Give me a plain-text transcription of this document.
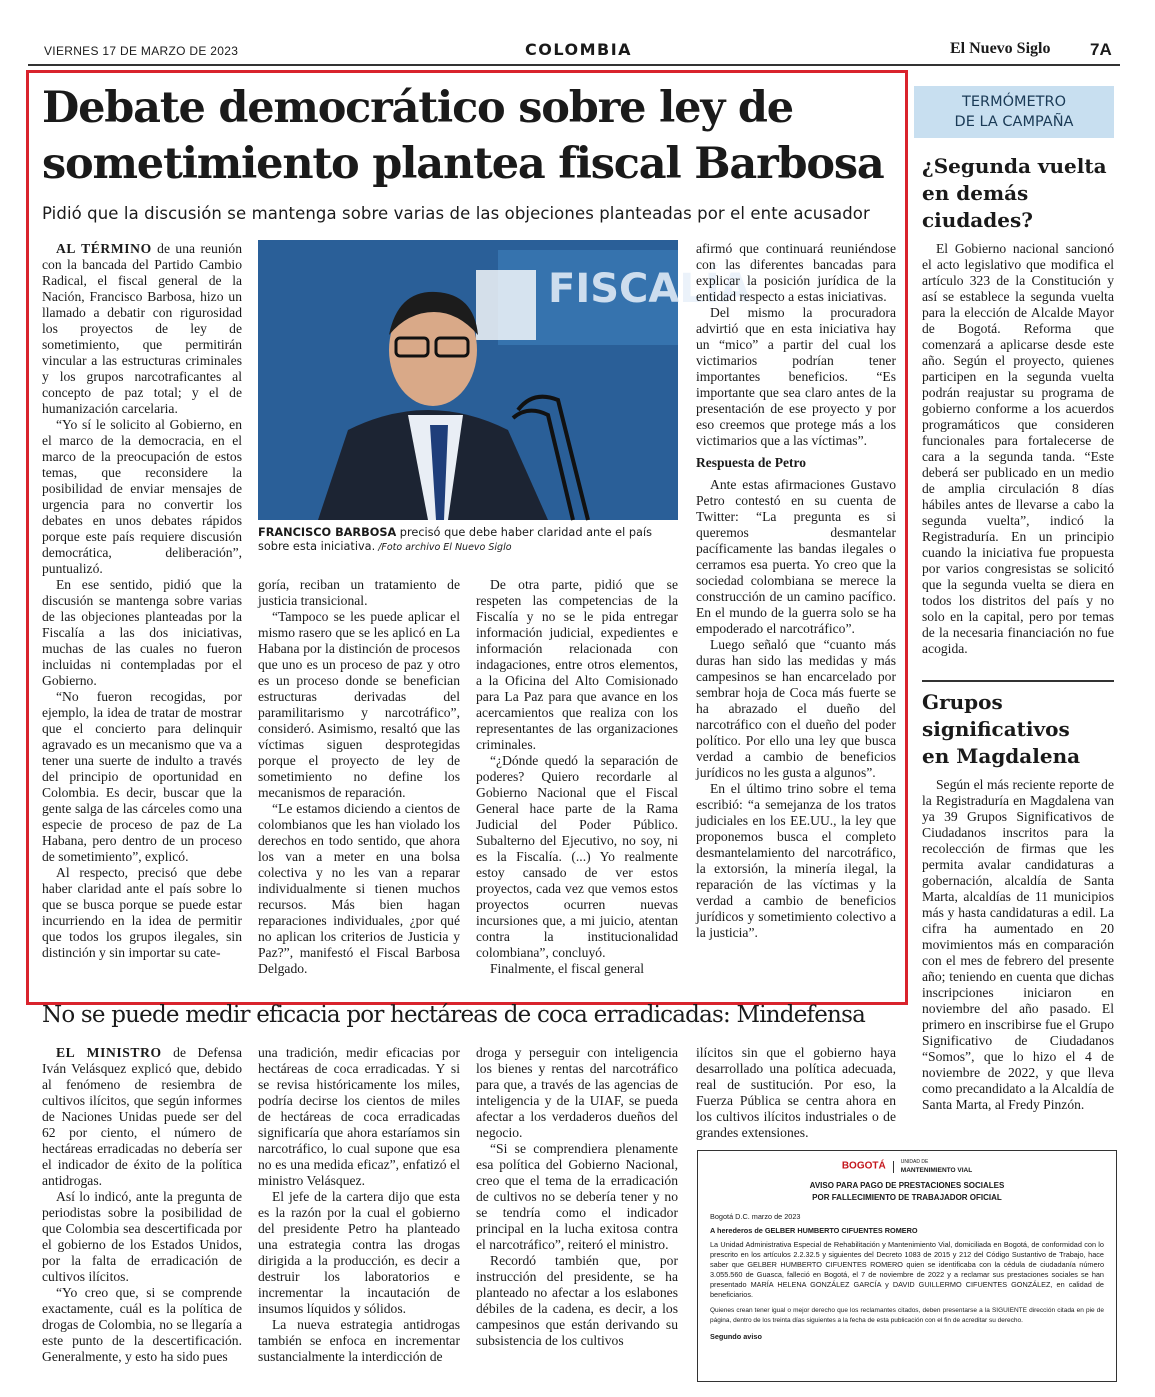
VIERNES 17 DE MARZO DE 2023	COLOMBIA	El Nuevo Siglo 7A
Debate democrático sobre ley de
sometimiento plantea fiscal Barbosa
Pidió que la discusión se mantenga sobre varias de las objeciones planteadas por el ente acusador

AL TÉRMINO de una reunión con la bancada del Partido Cambio Radical, el fiscal general de la Nación, Francisco Barbosa, hizo un llamado a debatir con rigurosidad los proyectos de ley de sometimiento, que permitirán vincular a las estructuras criminales y los grupos narcotraficantes al concepto de paz total; y el de humanización carcelaria.

“Yo sí le solicito al Gobierno, en el marco de la democracia, en el marco de la preocupación de estos temas, que reconsidere la posibilidad de enviar mensajes de urgencia para no convertir los debates en unos debates rápidos porque este país requiere discusión democrática, deliberación”, puntualizó.

En ese sentido, pidió que la discusión se mantenga sobre varias de las objeciones planteadas por la Fiscalía a las dos iniciativas, muchas de las cuales no fueron incluidas ni contempladas por el Gobierno.

“No fueron recogidas, por ejemplo, la idea de tratar de mostrar que el concierto para delinquir agravado es un mecanismo que va a tener una suerte de indulto a través del principio de oportunidad en Colombia. Es decir, buscar que la gente salga de las cárceles como una especie de proceso de paz de La Habana, pero dentro de un proceso de sometimiento”, explicó.

Al respecto, precisó que debe haber claridad ante el país sobre lo que se busca porque se puede estar incurriendo en la idea de permitir que todos los grupos ilegales, sin distinción y sin importar su cate-

FISCALÍA
FRANCISCO BARBOSA precisó que debe haber claridad ante el país sobre esta iniciativa. /Foto archivo El Nuevo Siglo

goría, reciban un tratamiento de justicia transicional.

“Tampoco se les puede aplicar el mismo rasero que se les aplicó en La Habana por la distinción de procesos que uno es un proceso de paz y otro es un proceso donde se benefician estructuras derivadas del paramilitarismo y narcotráfico”, consideró. Asimismo, resaltó que las víctimas siguen desprotegidas porque el proyecto de ley de sometimiento no define los mecanismos de reparación.

“Le estamos diciendo a cientos de colombianos que les han violado los derechos en todo sentido, que ahora los van a meter en una bolsa colectiva y no les van a reparar individualmente si tienen muchos recursos. Más bien hagan reparaciones individuales, ¿por qué no aplican los criterios de Justicia y Paz?”, manifestó el Fiscal Barbosa Delgado.

De otra parte, pidió que se respeten las competencias de la Fiscalía y no se le pida entregar información judicial, expedientes e información relacionada con indagaciones, entre otros elementos, a la Oficina del Alto Comisionado para La Paz para que avance en los acercamientos que realiza con los representantes de las organizaciones criminales.

“¿Dónde quedó la separación de poderes? Quiero recordarle al Gobierno Nacional que el Fiscal General hace parte de la Rama Judicial del Poder Público. Subalterno del Ejecutivo, no soy, ni es la Fiscalía. (...) Yo realmente estoy cansado de ver estos proyectos, cada vez que vemos estos proyectos ocurren nuevas incursiones que, a mi juicio, atentan contra la institucionalidad colombiana”, concluyó.

Finalmente, el fiscal general

afirmó que continuará reuniéndose con las diferentes bancadas para explicar la posición jurídica de la entidad respecto a estas iniciativas.

Del mismo la procuradora advirtió que en esta iniciativa hay un “mico” a partir del cual los victimarios podrían tener importantes beneficios. “Es importante que sea claro antes de la presentación de ese proyecto y por eso creemos que protege más a los victimarios que a las víctimas”.

Respuesta de Petro

Ante estas afirmaciones Gustavo Petro contestó en su cuenta de Twitter: “La pregunta es si queremos desmantelar pacíficamente las bandas ilegales o cerramos esa puerta. Yo creo que la sociedad colombiana se merece la construcción de un camino pacífico. En el mundo de la guerra solo se ha empoderado el narcotráfico”.

Luego señaló que “cuanto más duras han sido las medidas y más campesinos se han encarcelado por sembrar hoja de Coca más fuerte se ha abrazado el dueño del narcotráfico con el dueño del poder político. Por ello una ley que busca verdad a cambio de beneficios jurídicos no les gusta a algunos”.

En el último trino sobre el tema escribió: “a semejanza de los tratos judiciales en los EE.UU., la ley que proponemos busca el completo desmantelamiento del narcotráfico, la extorsión, la minería ilegal, la reparación de las víctimas y la verdad a cambio de beneficios jurídicos y sometimiento colectivo a la justicia”.

TERMÓMETRO
DE LA CAMPAÑA
¿Segunda vuelta en demás ciudades?

El Gobierno nacional sancionó el acto legislativo que modifica el artículo 323 de la Constitución y así se establece la segunda vuelta para la elección de Alcalde Mayor de Bogotá. Reforma que comenzará a aplicarse desde este año. Según el proyecto, quienes participen en la segunda vuelta podrán reajustar su programa de gobierno conforme a los acuerdos programáticos que consideren funcionales para fortalecerse de cara a la segunda tanda. “Este deberá ser publicado en un medio de amplia circulación 8 días hábiles antes de llevarse a cabo la segunda vuelta”, indicó la Registraduría. En un principio cuando la iniciativa fue propuesta por varios congresistas se solicitó que la segunda vuelta se diera en todos los distritos del país y no solo en la capital, pero por temas de la necesaria financiación no fue acogida.

Grupos significativos en Magdalena

Según el más reciente reporte de la Registraduría en Magdalena van ya 39 Grupos Significativos de Ciudadanos inscritos para la recolección de firmas que les permita avalar candidaturas a gobernación, alcaldía de Santa Marta, alcaldías de 11 municipios más y hasta candidaturas a edil. La cifra ha aumentado en 20 movimientos más en comparación con el mes de febrero del presente año; teniendo en cuenta que dichas inscripciones iniciaron en noviembre del año pasado. El primero en inscribirse fue el Grupo Significativo de Ciudadanos “Somos”, que lo hizo el 4 de noviembre de 2022, y que lleva como precandidato a la Alcaldía de Santa Marta, al Fredy Pinzón.

No se puede medir eficacia por hectáreas de coca erradicadas: Mindefensa

EL MINISTRO de Defensa Iván Velásquez explicó que, debido al fenómeno de resiembra de cultivos ilícitos, que según informes de Naciones Unidas puede ser del 62 por ciento, el número de hectáreas erradicadas no debería ser el indicador de éxito de la política antidrogas.

Así lo indicó, ante la pregunta de periodistas sobre la posibilidad de que Colombia sea descertificada por el gobierno de los Estados Unidos, por la falta de erradicación de cultivos ilícitos.

“Yo creo que, si se comprende exactamente, cuál es la política de drogas de Colombia, no se llegaría a este punto de la descertificación. Generalmente, y esto ha sido pues

una tradición, medir eficacias por hectáreas de coca erradicadas. Y si se revisa históricamente los miles, podría decirse los cientos de miles de hectáreas de coca erradicadas significaría que ahora estaríamos sin narcotráfico, lo cual supone que esa no es una medida eficaz”, enfatizó el ministro Velásquez.

El jefe de la cartera dijo que esta es la razón por la cual el gobierno del presidente Petro ha planteado una estrategia contra las drogas dirigida a la producción, es decir a destruir los laboratorios e incrementar la incautación de insumos líquidos y sólidos.

La nueva estrategia antidrogas también se enfoca en incrementar sustancialmente la interdicción de

droga y perseguir con inteligencia los bienes y rentas del narcotráfico para que, a través de las agencias de inteligencia y de la UIAF, se pueda afectar a los verdaderos dueños del negocio.

“Si se comprendiera plenamente esa política del Gobierno Nacional, creo que el tema de la erradicación de cultivos no se debería tener y no se tendría como el indicador principal en la lucha exitosa contra el narcotráfico”, reiteró el ministro.

Recordó también que, por instrucción del presidente, se ha planteado no afectar a los eslabones débiles de la cadena, es decir, a los campesinos que están derivando su subsistencia de los cultivos

ilícitos sin que el gobierno haya desarrollado una política adecuada, real de sustitución. Por eso, la Fuerza Pública se centra ahora en los cultivos ilícitos industriales o de grandes extensiones.

BOGOTÁ	UNIDAD DE
MANTENIMIENTO VIAL
AVISO PARA PAGO DE PRESTACIONES SOCIALES
POR FALLECIMIENTO DE TRABAJADOR OFICIAL
Bogotá D.C. marzo de 2023
A herederos de GELBER HUMBERTO CIFUENTES ROMERO
La Unidad Administrativa Especial de Rehabilitación y Mantenimiento Vial, domiciliada en Bogotá, de conformidad con lo prescrito en los artículos 2.2.32.5 y siguientes del Decreto 1083 de 2015 y 212 del Código Sustantivo de Trabajo, hace saber que GELBER HUMBERTO CIFUENTES ROMERO quien se identificaba con la cédula de ciudadanía número 3.055.560 de Guasca, falleció en Bogotá, el 7 de noviembre de 2022 y a reclamar sus prestaciones sociales se han presentado MARÍA HELENA GONZÁLEZ GARCÍA y DAVID GUILLERMO CIFUENTES GONZÁLEZ, en calidad de beneficiarios.
Quienes crean tener igual o mejor derecho que los reclamantes citados, deben presentarse a la SIGUIENTE dirección citada en pie de página, dentro de los treinta días siguientes a la fecha de esta publicación con el fin de acreditar su derecho.
Segundo aviso
